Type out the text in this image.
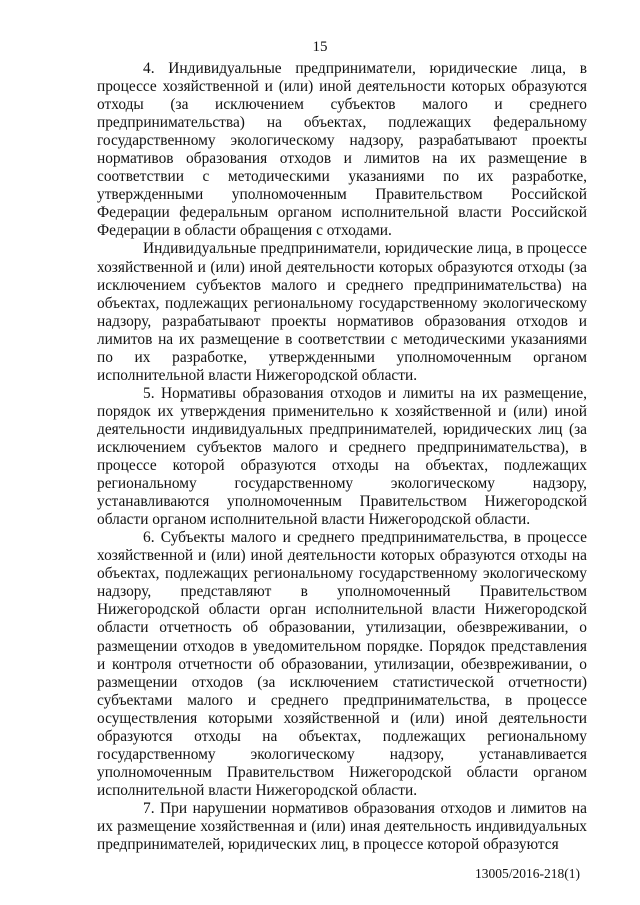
15

4. Индивидуальные предприниматели, юридические лица, в процессе хозяйственной и (или) иной деятельности которых образуются отходы (за исключением субъектов малого и среднего предпринимательства) на объектах, подлежащих федеральному государственному экологическому надзору, разрабатывают проекты нормативов образования отходов и лимитов на их размещение в соответствии с методическими указаниями по их разработке, утвержденными уполномоченным Правительством Российской Федерации федеральным органом исполнительной власти Российской Федерации в области обращения с отходами.

Индивидуальные предприниматели, юридические лица, в процессе хозяйственной и (или) иной деятельности которых образуются отходы (за исключением субъектов малого и среднего предпринимательства) на объектах, подлежащих региональному государственному экологическому надзору, разрабатывают проекты нормативов образования отходов и лимитов на их размещение в соответствии с методическими указаниями по их разработке, утвержденными уполномоченным органом исполнительной власти Нижегородской области.

5. Нормативы образования отходов и лимиты на их размещение, порядок их утверждения применительно к хозяйственной и (или) иной деятельности индивидуальных предпринимателей, юридических лиц (за исключением субъектов малого и среднего предпринимательства), в процессе которой образуются отходы на объектах, подлежащих региональному государственному экологическому надзору, устанавливаются уполномоченным Правительством Нижегородской области органом исполнительной власти Нижегородской области.

6. Субъекты малого и среднего предпринимательства, в процессе хозяйственной и (или) иной деятельности которых образуются отходы на объектах, подлежащих региональному государственному экологическому надзору, представляют в уполномоченный Правительством Нижегородской области орган исполнительной власти Нижегородской области отчетность об образовании, утилизации, обезвреживании, о размещении отходов в уведомительном порядке. Порядок представления и контроля отчетности об образовании, утилизации, обезвреживании, о размещении отходов (за исключением статистической отчетности) субъектами малого и среднего предпринимательства, в процессе осуществления которыми хозяйственной и (или) иной деятельности образуются отходы на объектах, подлежащих региональному государственному экологическому надзору, устанавливается уполномоченным Правительством Нижегородской области органом исполнительной власти Нижегородской области.

7. При нарушении нормативов образования отходов и лимитов на их размещение хозяйственная и (или) иная деятельность индивидуальных предпринимателей, юридических лиц, в процессе которой образуются

13005/2016-218(1)
